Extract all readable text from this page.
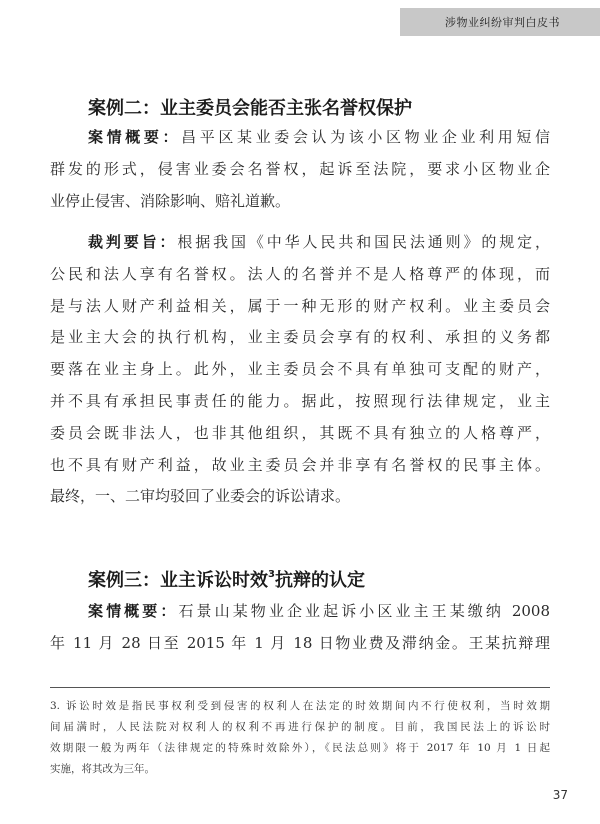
涉物业纠纷审判白皮书
案例二：业主委员会能否主张名誉权保护
案情概要：昌平区某业委会认为该小区物业企业利用短信
群发的形式，侵害业委会名誉权，起诉至法院，要求小区物业企
业停止侵害、消除影响、赔礼道歉。
裁判要旨：根据我国《中华人民共和国民法通则》的规定，
公民和法人享有名誉权。法人的名誉并不是人格尊严的体现，而
是与法人财产利益相关，属于一种无形的财产权利。业主委员会
是业主大会的执行机构，业主委员会享有的权利、承担的义务都
要落在业主身上。此外，业主委员会不具有单独可支配的财产，
并不具有承担民事责任的能力。据此，按照现行法律规定，业主
委员会既非法人，也非其他组织，其既不具有独立的人格尊严，
也不具有财产利益，故业主委员会并非享有名誉权的民事主体。
最终，一、二审均驳回了业委会的诉讼请求。
案例三：业主诉讼时效$^3$抗辩的认定
案情概要：石景山某物业企业起诉小区业主王某缴纳 2008
年 11 月 28 日至 2015 年 1 月 18 日物业费及滞纳金。王某抗辩理
3. 诉讼时效是指民事权利受到侵害的权利人在法定的时效期间内不行使权利，当时效期
间届满时，人民法院对权利人的权利不再进行保护的制度。目前，我国民法上的诉讼时
效期限一般为两年（法律规定的特殊时效除外），《民法总则》将于 2017 年 10 月 1 日起
实施，将其改为三年。
37
